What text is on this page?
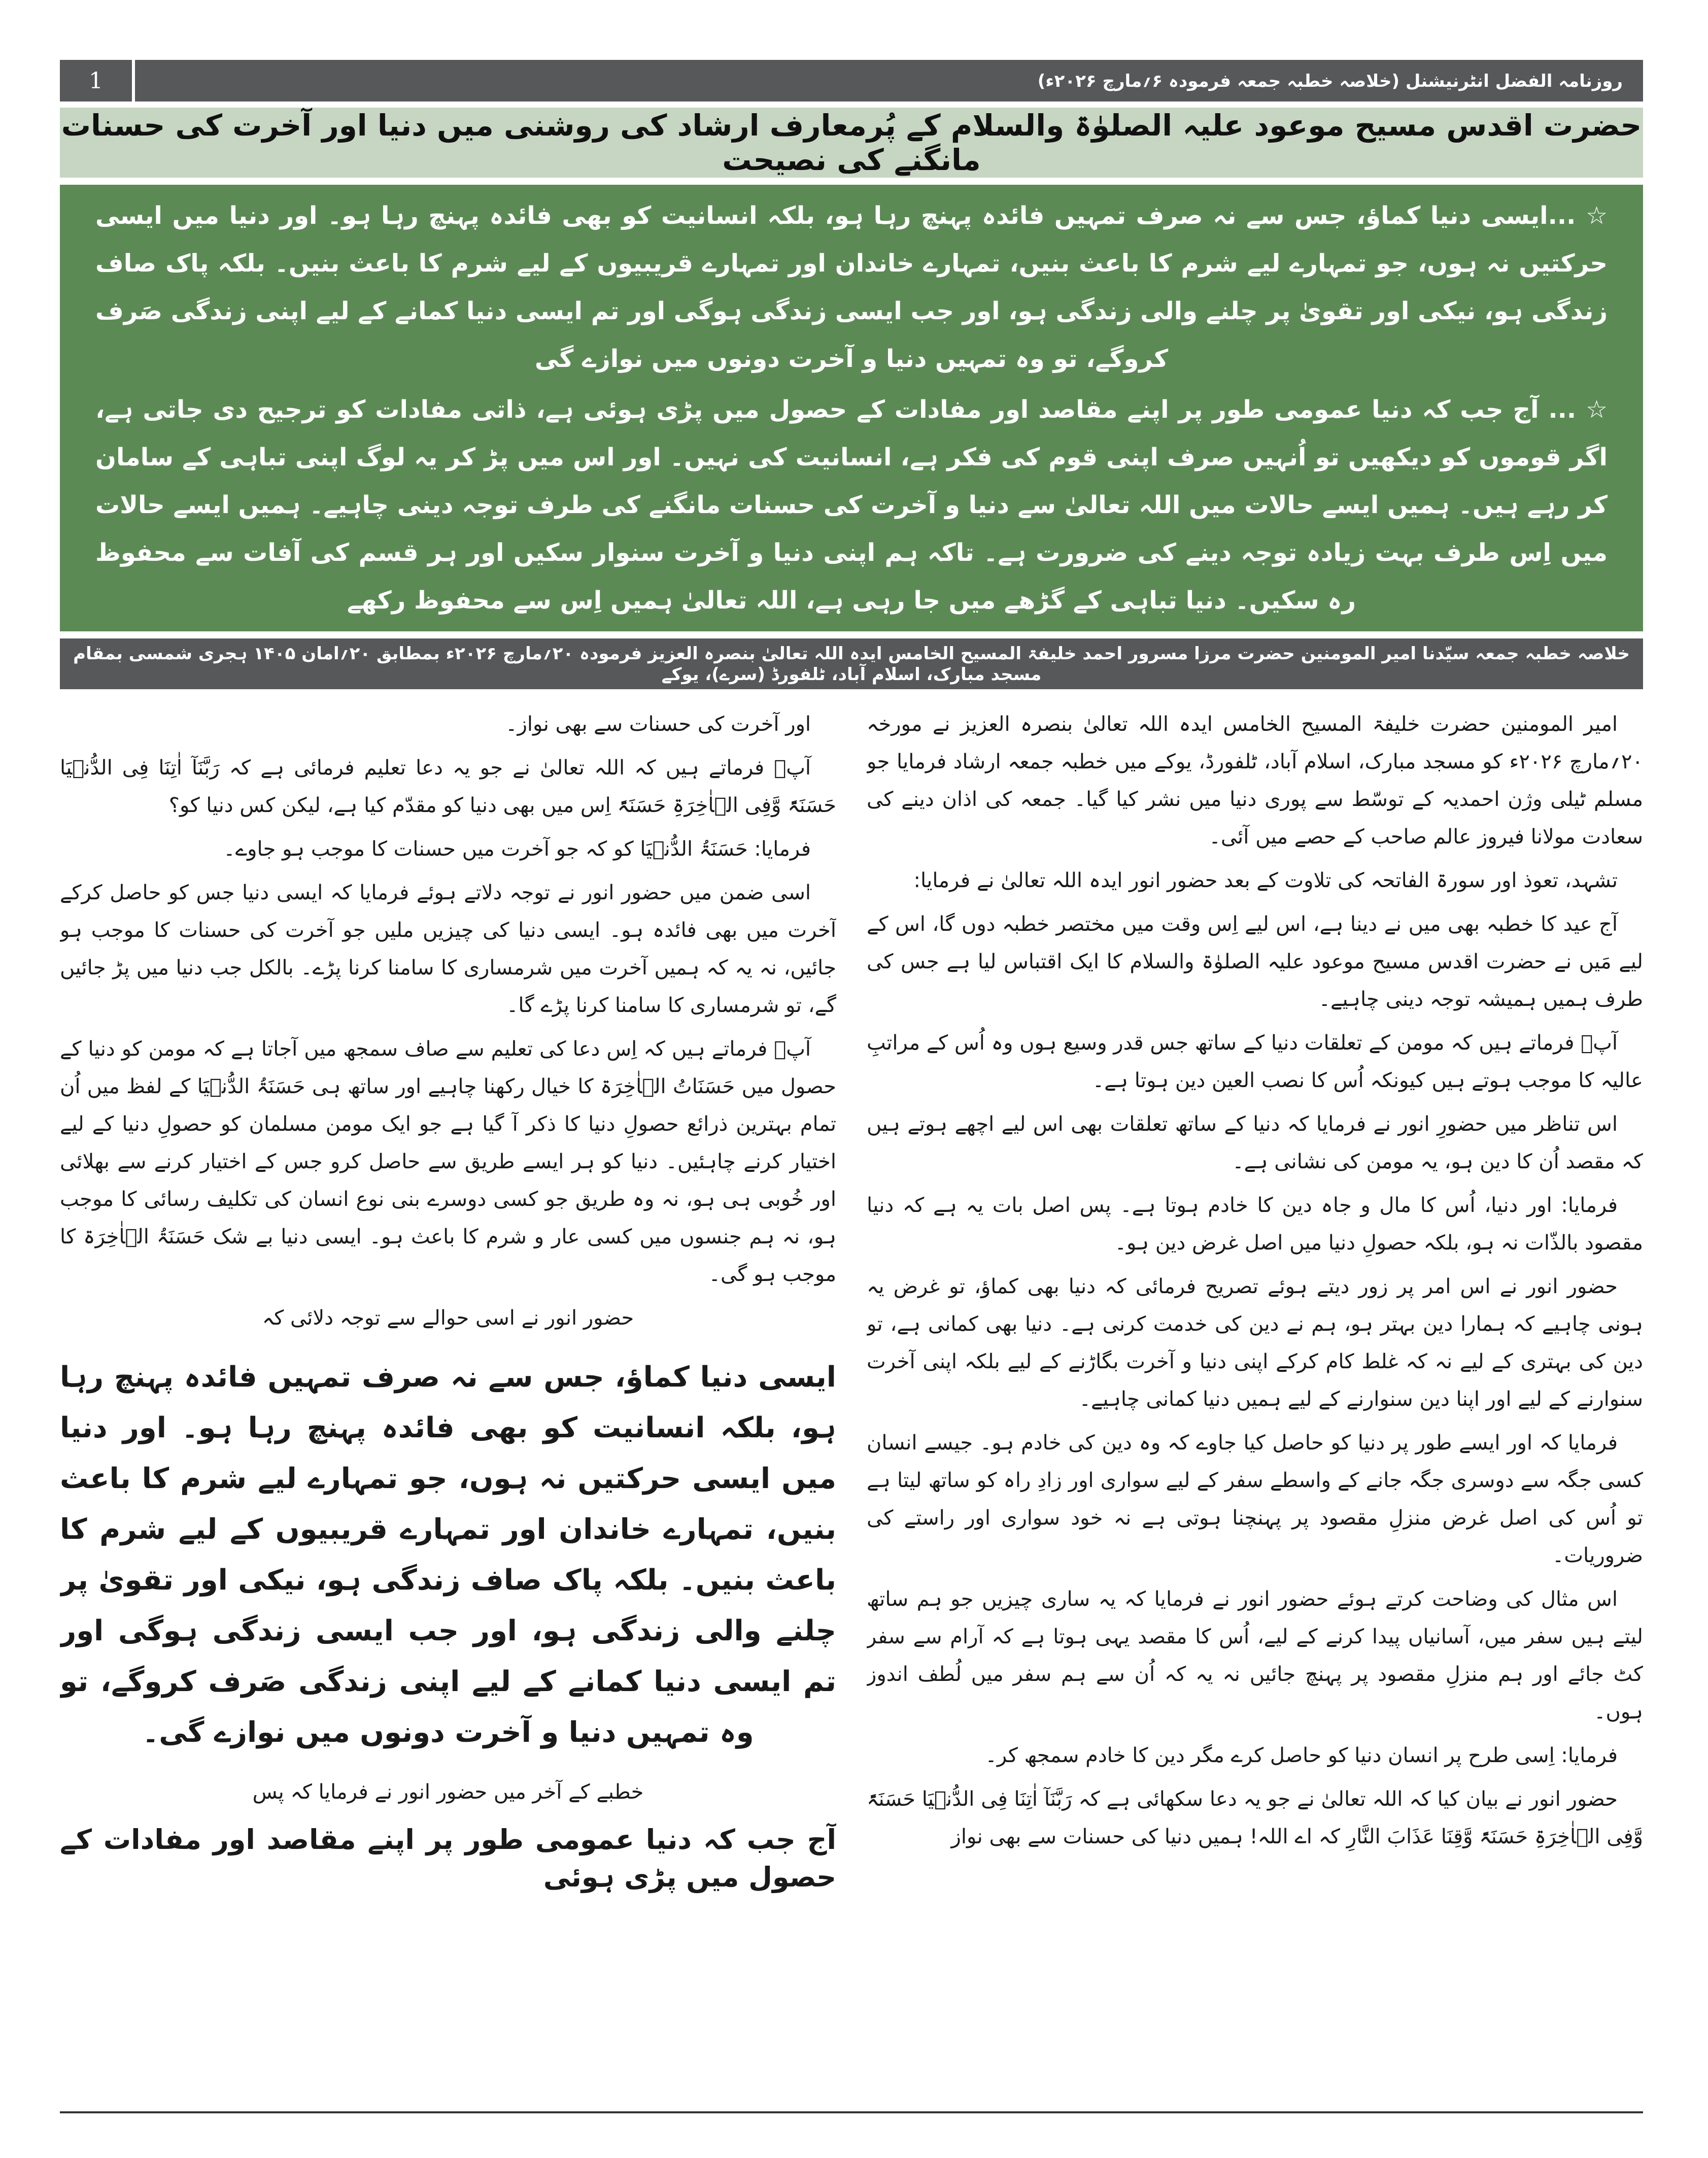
1	روزنامہ الفضل انٹرنیشنل (خلاصہ خطبہ جمعہ فرمودہ ۶؍مارچ ۲۰۲۶ء)
حضرت اقدس مسیح موعود علیہ الصلوٰۃ والسلام کے پُرمعارف ارشاد کی روشنی میں دنیا اور آخرت کی حسنات مانگنے کی نصیحت

☆ ...ایسی دنیا کماؤ، جس سے نہ صرف تمہیں فائدہ پہنچ رہا ہو، بلکہ انسانیت کو بھی فائدہ پہنچ رہا ہو۔ اور دنیا میں ایسی حرکتیں نہ ہوں، جو تمہارے لیے شرم کا باعث بنیں، تمہارے خاندان اور تمہارے قریبیوں کے لیے شرم کا باعث بنیں۔ بلکہ پاک صاف زندگی ہو، نیکی اور تقویٰ پر چلنے والی زندگی ہو، اور جب ایسی زندگی ہوگی اور تم ایسی دنیا کمانے کے لیے اپنی زندگی صَرف کروگے، تو وہ تمہیں دنیا و آخرت دونوں میں نوازے گی

☆ ... آج جب کہ دنیا عمومی طور پر اپنے مقاصد اور مفادات کے حصول میں پڑی ہوئی ہے، ذاتی مفادات کو ترجیح دی جاتی ہے، اگر قوموں کو دیکھیں تو اُنہیں صرف اپنی قوم کی فکر ہے، انسانیت کی نہیں۔ اور اس میں پڑ کر یہ لوگ اپنی تباہی کے سامان کر رہے ہیں۔ ہمیں ایسے حالات میں اللہ تعالیٰ سے دنیا و آخرت کی حسنات مانگنے کی طرف توجہ دینی چاہیے۔ ہمیں ایسے حالات میں اِس طرف بہت زیادہ توجہ دینے کی ضرورت ہے۔ تاکہ ہم اپنی دنیا و آخرت سنوار سکیں اور ہر قسم کی آفات سے محفوظ رہ سکیں۔ دنیا تباہی کے گڑھے میں جا رہی ہے، اللہ تعالیٰ ہمیں اِس سے محفوظ رکھے

خلاصہ خطبہ جمعہ سیّدنا امیر المومنین حضرت مرزا مسرور احمد خلیفۃ المسیح الخامس ایدہ اللہ تعالیٰ بنصرہ العزیز فرمودہ ۲۰؍مارچ ۲۰۲۶ء بمطابق ۲۰؍امان ۱۴۰۵ ہجری شمسی بمقام مسجد مبارک، اسلام آباد، ٹلفورڈ (سرے)، یوکے

امیر المومنین حضرت خلیفۃ المسیح الخامس ایدہ اللہ تعالیٰ بنصرہ العزیز نے مورخہ ۲۰؍مارچ ۲۰۲۶ء کو مسجد مبارک، اسلام آباد، ٹلفورڈ، یوکے میں خطبہ جمعہ ارشاد فرمایا جو مسلم ٹیلی وژن احمدیہ کے توسّط سے پوری دنیا میں نشر کیا گیا۔ جمعہ کی اذان دینے کی سعادت مولانا فیروز عالم صاحب کے حصے میں آئی۔

تشہد، تعوذ اور سورۃ الفاتحہ کی تلاوت کے بعد حضور انور ایدہ اللہ تعالیٰ نے فرمایا:

آج عید کا خطبہ بھی میں نے دینا ہے، اس لیے اِس وقت میں مختصر خطبہ دوں گا، اس کے لیے مَیں نے حضرت اقدس مسیح موعود علیہ الصلوٰۃ والسلام کا ایک اقتباس لیا ہے جس کی طرف ہمیں ہمیشہ توجہ دینی چاہیے۔

آپؑ فرماتے ہیں کہ مومن کے تعلقات دنیا کے ساتھ جس قدر وسیع ہوں وہ اُس کے مراتبِ عالیہ کا موجب ہوتے ہیں کیونکہ اُس کا نصب العین دین ہوتا ہے۔

اس تناظر میں حضورِ انور نے فرمایا کہ دنیا کے ساتھ تعلقات بھی اس لیے اچھے ہوتے ہیں کہ مقصد اُن کا دین ہو، یہ مومن کی نشانی ہے۔

فرمایا: اور دنیا، اُس کا مال و جاہ دین کا خادم ہوتا ہے۔ پس اصل بات یہ ہے کہ دنیا مقصود بالذّات نہ ہو، بلکہ حصولِ دنیا میں اصل غرض دین ہو۔

حضور انور نے اس امر پر زور دیتے ہوئے تصریح فرمائی کہ دنیا بھی کماؤ، تو غرض یہ ہونی چاہیے کہ ہمارا دین بہتر ہو، ہم نے دین کی خدمت کرنی ہے۔ دنیا بھی کمانی ہے، تو دین کی بہتری کے لیے نہ کہ غلط کام کرکے اپنی دنیا و آخرت بگاڑنے کے لیے بلکہ اپنی آخرت سنوارنے کے لیے اور اپنا دین سنوارنے کے لیے ہمیں دنیا کمانی چاہیے۔

فرمایا کہ اور ایسے طور پر دنیا کو حاصل کیا جاوے کہ وہ دین کی خادم ہو۔ جیسے انسان کسی جگہ سے دوسری جگہ جانے کے واسطے سفر کے لیے سواری اور زادِ راہ کو ساتھ لیتا ہے تو اُس کی اصل غرض منزلِ مقصود پر پہنچنا ہوتی ہے نہ خود سواری اور راستے کی ضروریات۔

اس مثال کی وضاحت کرتے ہوئے حضور انور نے فرمایا کہ یہ ساری چیزیں جو ہم ساتھ لیتے ہیں سفر میں، آسانیاں پیدا کرنے کے لیے، اُس کا مقصد یہی ہوتا ہے کہ آرام سے سفر کٹ جائے اور ہم منزلِ مقصود پر پہنچ جائیں نہ یہ کہ اُن سے ہم سفر میں لُطف اندوز ہوں۔

فرمایا: اِسی طرح پر انسان دنیا کو حاصل کرے مگر دین کا خادم سمجھ کر۔

حضور انور نے بیان کیا کہ اللہ تعالیٰ نے جو یہ دعا سکھائی ہے کہ رَبَّنَآ اٰتِنَا فِی الدُّنۡیَا حَسَنَۃً وَّفِی الۡاٰخِرَۃِ حَسَنَۃً وَّقِنَا عَذَابَ النَّارِ کہ اے اللہ! ہمیں دنیا کی حسنات سے بھی نواز

اور آخرت کی حسنات سے بھی نواز۔

آپؑ فرماتے ہیں کہ اللہ تعالیٰ نے جو یہ دعا تعلیم فرمائی ہے کہ رَبَّنَآ اٰتِنَا فِی الدُّنۡیَا حَسَنَۃً وَّفِی الۡاٰخِرَۃِ حَسَنَۃً اِس میں بھی دنیا کو مقدّم کیا ہے، لیکن کس دنیا کو؟

فرمایا: حَسَنَۃُ الدُّنۡیَا کو کہ جو آخرت میں حسنات کا موجب ہو جاوے۔

اسی ضمن میں حضور انور نے توجہ دلاتے ہوئے فرمایا کہ ایسی دنیا جس کو حاصل کرکے آخرت میں بھی فائدہ ہو۔ ایسی دنیا کی چیزیں ملیں جو آخرت کی حسنات کا موجب ہو جائیں، نہ یہ کہ ہمیں آخرت میں شرمساری کا سامنا کرنا پڑے۔ بالکل جب دنیا میں پڑ جائیں گے، تو شرمساری کا سامنا کرنا پڑے گا۔

آپؑ فرماتے ہیں کہ اِس دعا کی تعلیم سے صاف سمجھ میں آجاتا ہے کہ مومن کو دنیا کے حصول میں حَسَنَاتُ الۡاٰخِرَۃ کا خیال رکھنا چاہیے اور ساتھ ہی حَسَنَۃُ الدُّنۡیَا کے لفظ میں اُن تمام بہترین ذرائع حصولِ دنیا کا ذکر آ گیا ہے جو ایک مومن مسلمان کو حصولِ دنیا کے لیے اختیار کرنے چاہئیں۔ دنیا کو ہر ایسے طریق سے حاصل کرو جس کے اختیار کرنے سے بھلائی اور خُوبی ہی ہو، نہ وہ طریق جو کسی دوسرے بنی نوع انسان کی تکلیف رسائی کا موجب ہو، نہ ہم جنسوں میں کسی عار و شرم کا باعث ہو۔ ایسی دنیا بے شک حَسَنَۃُ الۡاٰخِرَۃ کا موجب ہو گی۔

حضور انور نے اسی حوالے سے توجہ دلائی کہ

ایسی دنیا کماؤ، جس سے نہ صرف تمہیں فائدہ پہنچ رہا ہو، بلکہ انسانیت کو بھی فائدہ پہنچ رہا ہو۔ اور دنیا میں ایسی حرکتیں نہ ہوں، جو تمہارے لیے شرم کا باعث بنیں، تمہارے خاندان اور تمہارے قریبیوں کے لیے شرم کا باعث بنیں۔ بلکہ پاک صاف زندگی ہو، نیکی اور تقویٰ پر چلنے والی زندگی ہو، اور جب ایسی زندگی ہوگی اور تم ایسی دنیا کمانے کے لیے اپنی زندگی صَرف کروگے، تو وہ تمہیں دنیا و آخرت دونوں میں نوازے گی۔

خطبے کے آخر میں حضور انور نے فرمایا کہ پس

آج جب کہ دنیا عمومی طور پر اپنے مقاصد اور مفادات کے حصول میں پڑی ہوئی
